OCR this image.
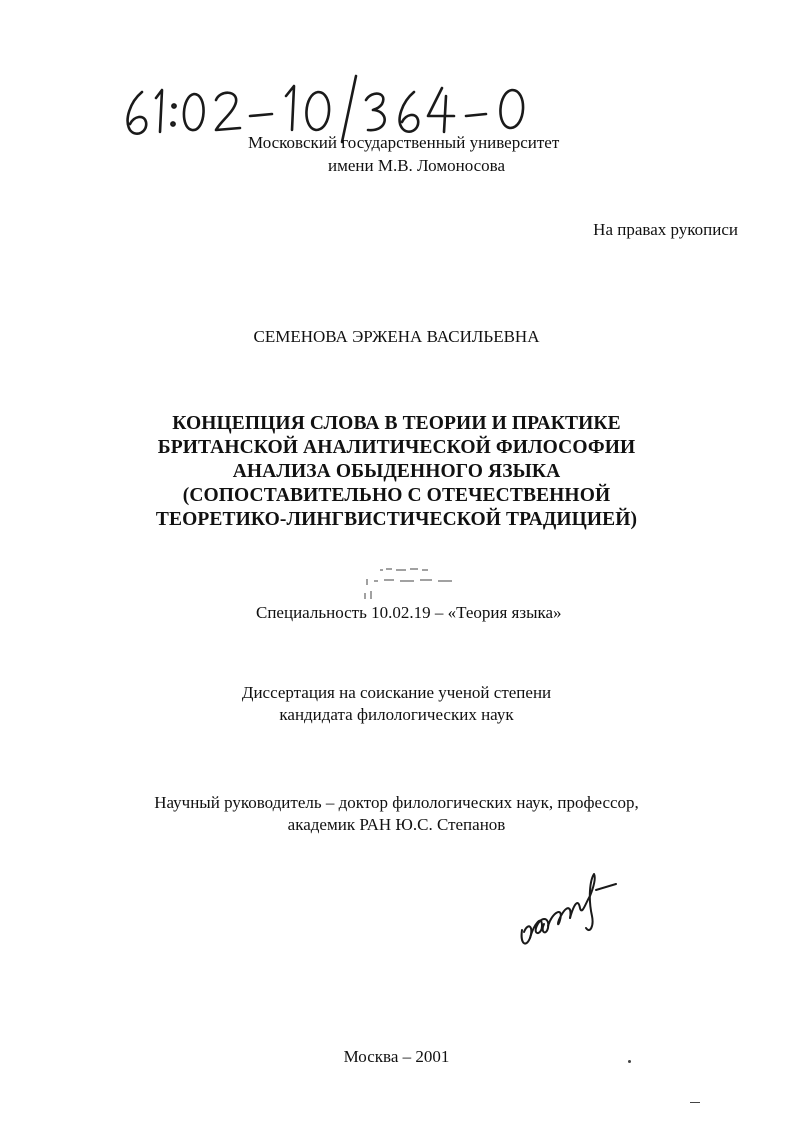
Московский государственный университет
имени М.В. Ломоносова
На правах рукописи
СЕМЕНОВА ЭРЖЕНА ВАСИЛЬЕВНА
КОНЦЕПЦИЯ СЛОВА В ТЕОРИИ И ПРАКТИКЕ
БРИТАНСКОЙ АНАЛИТИЧЕСКОЙ ФИЛОСОФИИ
АНАЛИЗА ОБЫДЕННОГО ЯЗЫКА
(СОПОСТАВИТЕЛЬНО С ОТЕЧЕСТВЕННОЙ
ТЕОРЕТИКО-ЛИНГВИСТИЧЕСКОЙ ТРАДИЦИЕЙ)
Специальность 10.02.19 – «Теория языка»
Диссертация на соискание ученой степени
кандидата филологических наук
Научный руководитель – доктор филологических наук, профессор,
академик РАН Ю.С. Степанов
Москва – 2001
